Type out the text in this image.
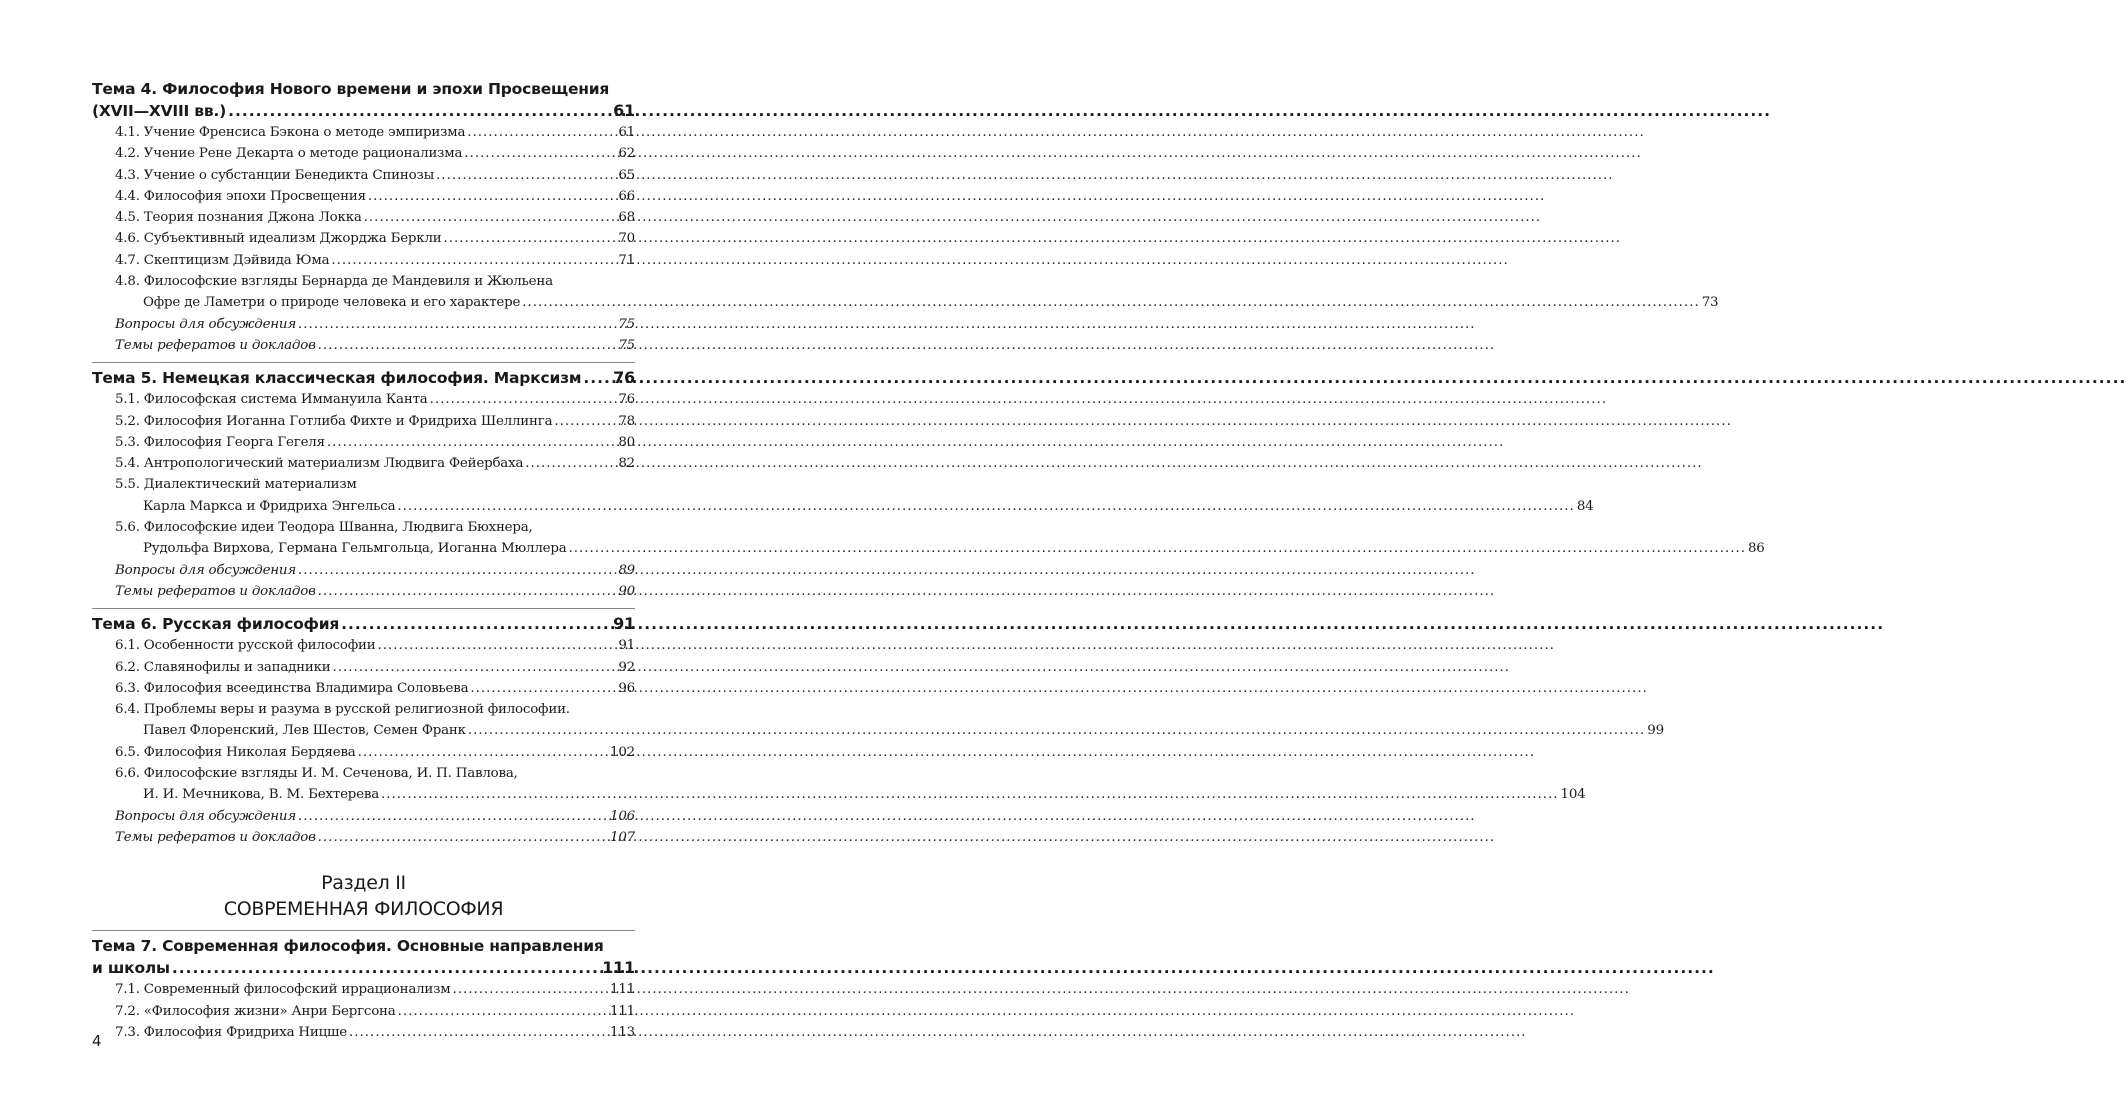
Тема 4. Философия Нового времени и эпохи Просвещения
(XVII—XVIII вв.) .....	61
4.1. Учение Френсиса Бэкона о методе эмпиризма .....	61
4.2. Учение Рене Декарта о методе рационализма .....	62
4.3. Учение о субстанции Бенедикта Спинозы .....	65
4.4. Философия эпохи Просвещения .....	66
4.5. Теория познания Джона Локка .....	68
4.6. Субъективный идеализм Джорджа Беркли .....	70
4.7. Скептицизм Дэйвида Юма .....	71
4.8. Философские взгляды Бернарда де Мандевиля и Жюльена
Офре де Ламетри о природе человека и его характере .....	73
Вопросы для обсуждения .....	75
Темы рефератов и докладов .....	75
Тема 5. Немецкая классическая философия. Марксизм ..... 76
5.1. Философская система Иммануила Канта .....	76
5.2. Философия Иоганна Готлиба Фихте и Фридриха Шеллинга .....	78
5.3. Философия Георга Гегеля .....	80
5.4. Антропологический материализм Людвига Фейербаха .....	82
5.5. Диалектический материализм
Карла Маркса и Фридриха Энгельса .....	84
5.6. Философские идеи Теодора Шванна, Людвига Бюхнера,
Рудольфа Вирхова, Германа Гельмгольца, Иоганна Мюллера .....	86
Вопросы для обсуждения .....	89
Темы рефератов и докладов .....	90
Тема 6. Русская философия .....	91
6.1. Особенности русской философии .....	91
6.2. Славянофилы и западники .....	92
6.3. Философия всеединства Владимира Соловьева .....	96
6.4. Проблемы веры и разума в русской религиозной философии.
Павел Флоренский, Лев Шестов, Семен Франк .....	99
6.5. Философия Николая Бердяева .....	102
6.6. Философские взгляды И. М. Сеченова, И. П. Павлова,
И. И. Мечникова, В. М. Бехтерева .....	104
Вопросы для обсуждения .....	106
Темы рефератов и докладов .....	107
Раздел II
СОВРЕМЕННАЯ ФИЛОСОФИЯ
Тема 7. Современная философия. Основные направления
и школы .....	111
7.1. Современный философский иррационализм .....	111
7.2. «Философия жизни» Анри Бергсона .....	111
7.3. Философия Фридриха Ницше .....	113
4
